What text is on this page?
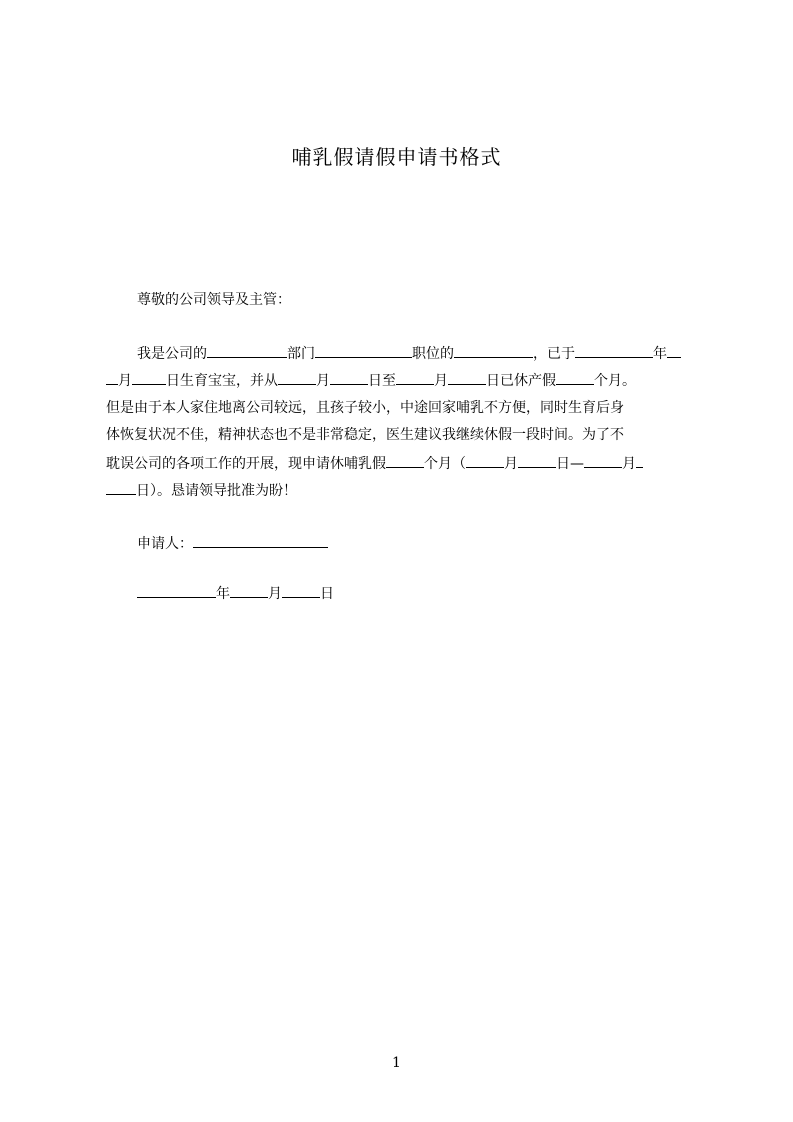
哺乳假请假申请书格式
尊敬的公司领导及主管：
我是公司的	部门	职位的	，已于	年
月 日生育宝宝，并从	月	日至	月	日已休产假	个月。
但是由于本人家住地离公司较远，且孩子较小，中途回家哺乳不方便，同时生育后身
体恢复状况不佳，精神状态也不是非常稳定，医生建议我继续休假一段时间。为了不
耽误公司的各项工作的开展，现申请休哺乳假	个月（	月	日—	月
日）。恳请领导批准为盼！
申请人：
年	月	日
1
